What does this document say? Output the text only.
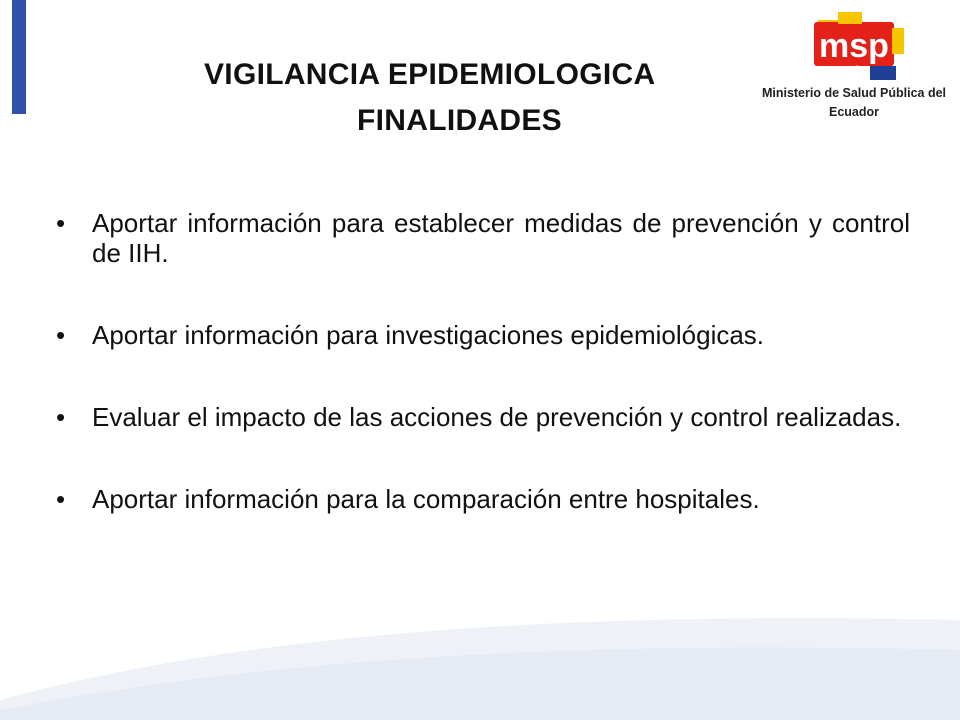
VIGILANCIA EPIDEMIOLOGICA
FINALIDADES
msp
Ministerio de Salud Pública del
Ecuador
• Aportar información para establecer medidas de prevención y control de IIH.
• Aportar información para investigaciones epidemiológicas.
• Evaluar el impacto de las acciones de prevención y control realizadas.
• Aportar información para la comparación entre hospitales.
